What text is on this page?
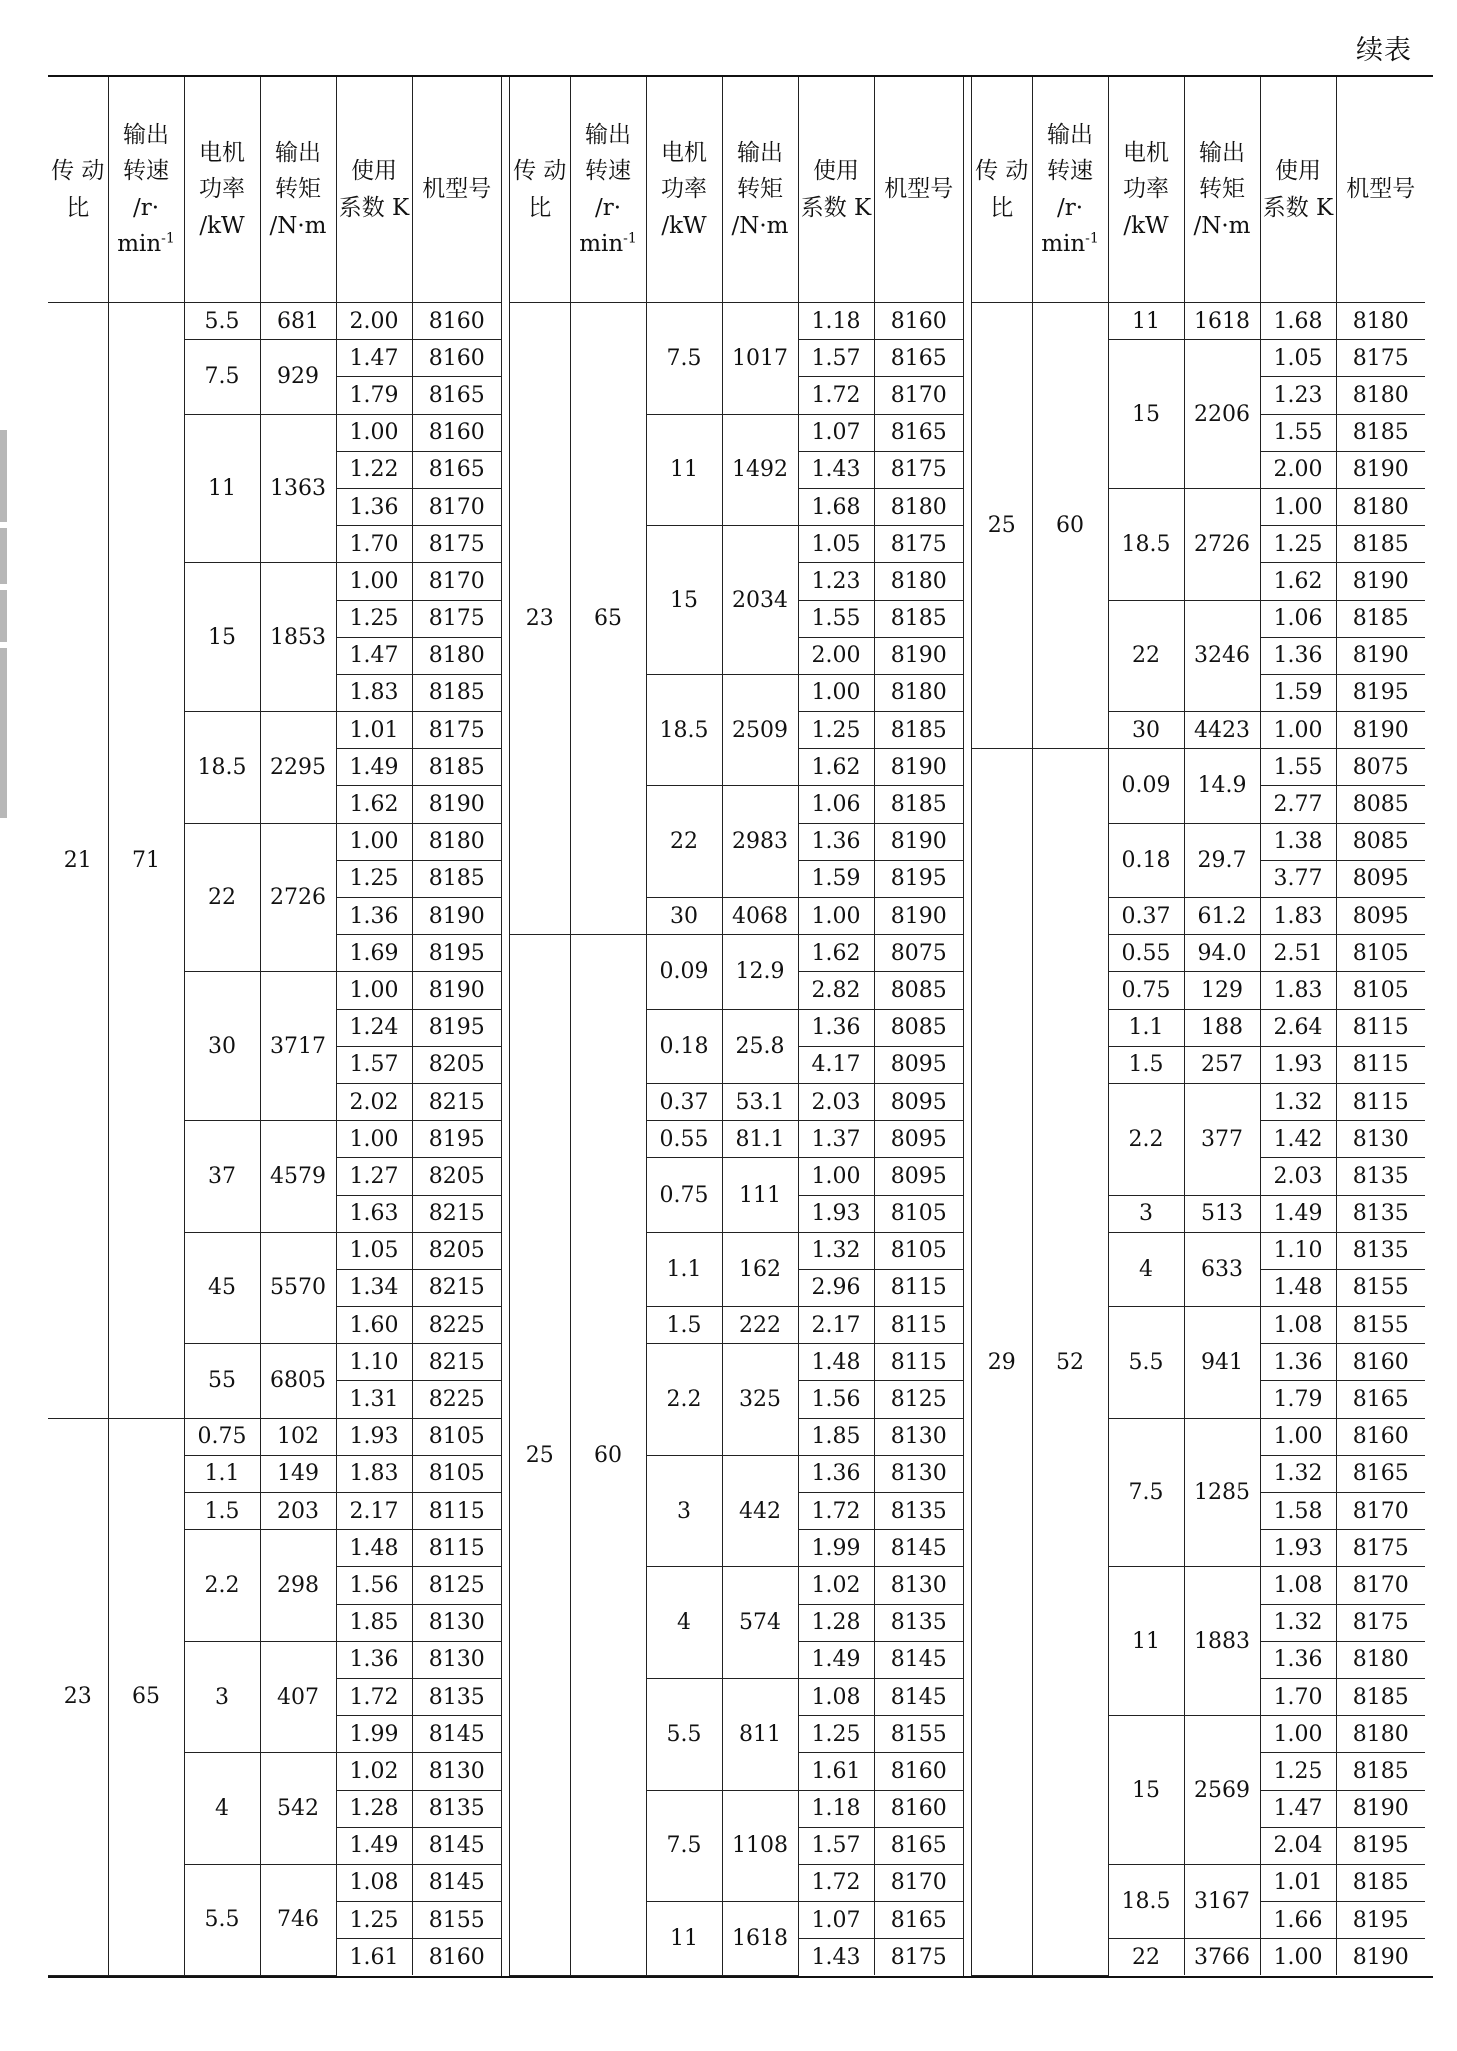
续表
传 动 比	输出
转速
/r·
$\min^{-1}$	电机 功率 /kW	输出 转矩 /N·m	使用 系数 K	机型号
21	71	5.5	681	2.00	8160
		7.5	929	1.47	8160
				1.79	8165
		11	1363	1.00	8160
				1.22	8165
				1.36	8170
				1.70	8175
		15	1853	1.00	8170
				1.25	8175
				1.47	8180
				1.83	8185
		18.5	2295	1.01	8175
				1.49	8185
				1.62	8190
		22	2726	1.00	8180
				1.25	8185
				1.36	8190
				1.69	8195
		30	3717	1.00	8190
				1.24	8195
				1.57	8205
				2.02	8215
		37	4579	1.00	8195
				1.27	8205
				1.63	8215
		45	5570	1.05	8205
				1.34	8215
				1.60	8225
		55	6805	1.10	8215
				1.31	8225
23	65	0.75	102	1.93	8105
		1.1	149	1.83	8105
		1.5	203	2.17	8115
		2.2	298	1.48	8115
				1.56	8125
				1.85	8130
		3	407	1.36	8130
				1.72	8135
				1.99	8145
		4	542	1.02	8130
				1.28	8135
				1.49	8145
		5.5	746	1.08	8145
				1.25	8155
				1.61	8160
传 动 比	输出
转速
/r·
$\min^{-1}$	电机 功率 /kW	输出 转矩 /N·m	使用 系数 K	机型号
23	65	7.5	1017	1.18	8160
				1.57	8165
				1.72	8170
		11	1492	1.07	8165
				1.43	8175
				1.68	8180
		15	2034	1.05	8175
				1.23	8180
				1.55	8185
				2.00	8190
		18.5	2509	1.00	8180
				1.25	8185
				1.62	8190
		22	2983	1.06	8185
				1.36	8190
				1.59	8195
		30	4068	1.00	8190
25	60	0.09	12.9	1.62	8075
				2.82	8085
		0.18	25.8	1.36	8085
				4.17	8095
		0.37	53.1	2.03	8095
		0.55	81.1	1.37	8095
		0.75	111	1.00	8095
				1.93	8105
		1.1	162	1.32	8105
				2.96	8115
		1.5	222	2.17	8115
		2.2	325	1.48	8115
				1.56	8125
				1.85	8130
		3	442	1.36	8130
				1.72	8135
				1.99	8145
		4	574	1.02	8130
				1.28	8135
				1.49	8145
		5.5	811	1.08	8145
				1.25	8155
				1.61	8160
		7.5	1108	1.18	8160
				1.57	8165
				1.72	8170
		11	1618	1.07	8165
				1.43	8175
传 动 比	输出
转速
/r·
$\min^{-1}$	电机 功率 /kW	输出 转矩 /N·m	使用 系数 K	机型号
25	60	11	1618	1.68	8180
		15	2206	1.05	8175
				1.23	8180
				1.55	8185
				2.00	8190
		18.5	2726	1.00	8180
				1.25	8185
				1.62	8190
		22	3246	1.06	8185
				1.36	8190
				1.59	8195
		30	4423	1.00	8190
29	52	0.09	14.9	1.55	8075
				2.77	8085
		0.18	29.7	1.38	8085
				3.77	8095
		0.37	61.2	1.83	8095
		0.55	94.0	2.51	8105
		0.75	129	1.83	8105
		1.1	188	2.64	8115
		1.5	257	1.93	8115
		2.2	377	1.32	8115
				1.42	8130
				2.03	8135
		3	513	1.49	8135
		4	633	1.10	8135
				1.48	8155
		5.5	941	1.08	8155
				1.36	8160
				1.79	8165
		7.5	1285	1.00	8160
				1.32	8165
				1.58	8170
				1.93	8175
		11	1883	1.08	8170
				1.32	8175
				1.36	8180
				1.70	8185
		15	2569	1.00	8180
				1.25	8185
				1.47	8190
				2.04	8195
		18.5	3167	1.01	8185
				1.66	8195
		22	3766	1.00	8190
